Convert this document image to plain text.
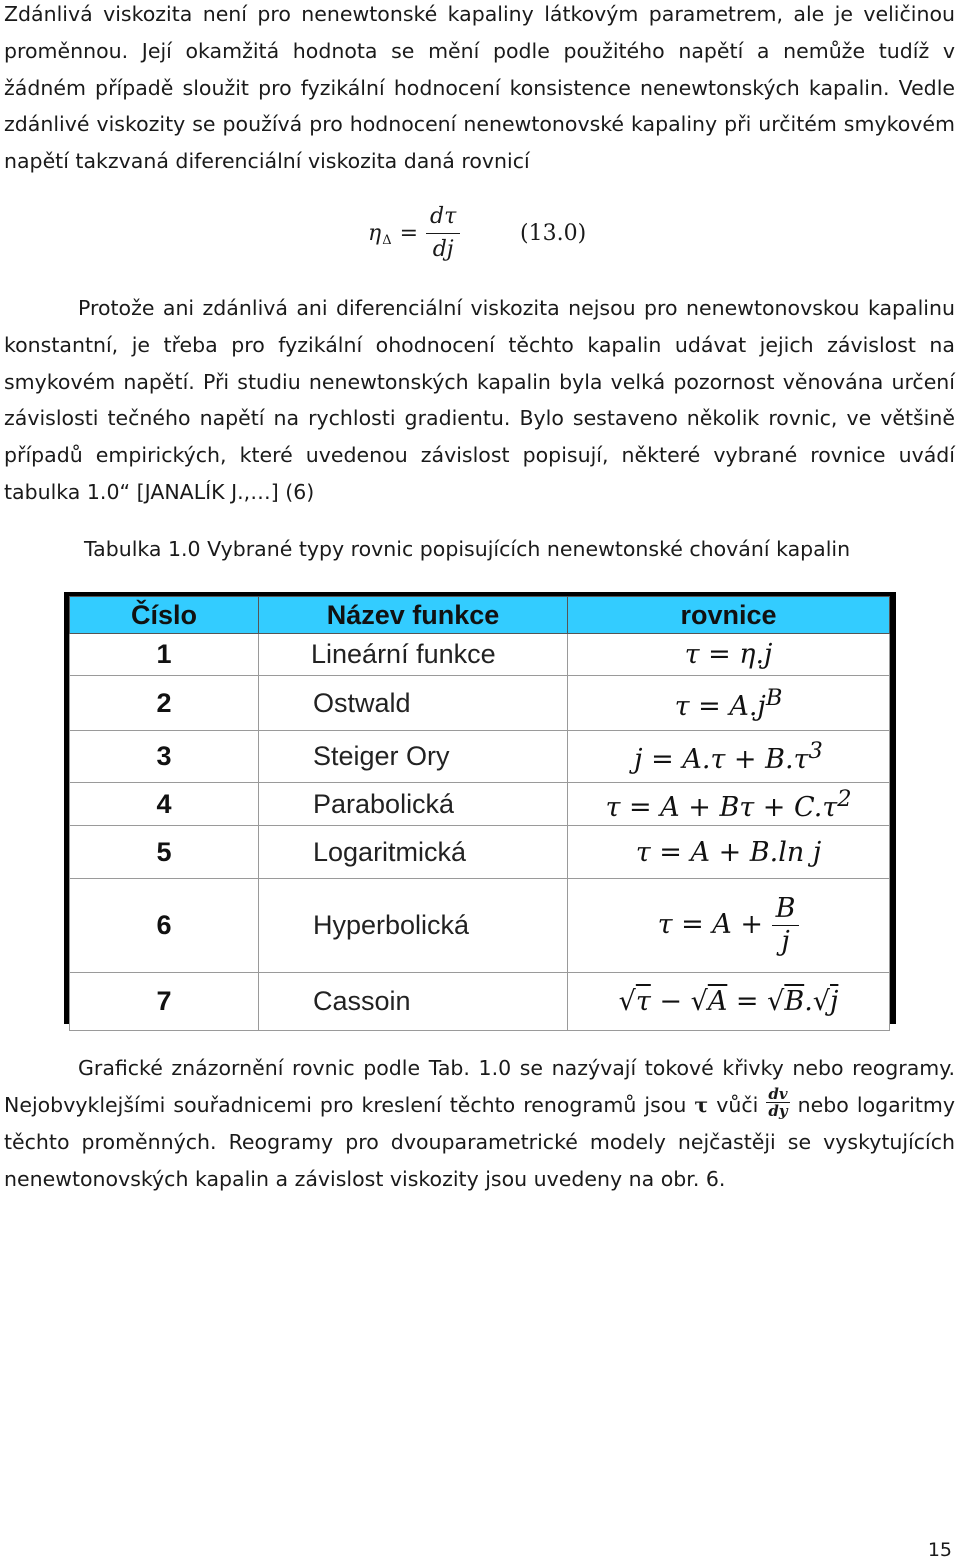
Zdánlivá viskozita není pro nenewtonské kapaliny látkovým parametrem, ale je veličinou proměnnou. Její okamžitá hodnota se mění podle použitého napětí a nemůže tudíž v žádném případě sloužit pro fyzikální hodnocení konsistence nenewtonských kapalin. Vedle zdánlivé viskozity se používá pro hodnocení nenewtonovské kapaliny při určitém smykovém napětí takzvaná diferenciální viskozita daná rovnicí

η $\Delta = \frac{d\tau}{dj}$	(13.0)

Protože ani zdánlivá ani diferenciální viskozita nejsou pro nenewtonovskou kapalinu konstantní, je třeba pro fyzikální ohodnocení těchto kapalin udávat jejich závislost na smykovém napětí. Při studiu nenewtonských kapalin byla velká pozornost věnována určení závislosti tečného napětí na rychlosti gradientu. Bylo sestaveno několik rovnic, ve většině případů empirických, které uvedenou závislost popisují, některé vybrané rovnice uvádí tabulka 1.0“ [JANALÍK J.,…] (6)

Tabulka 1.0 Vybrané typy rovnic popisujících nenewtonské chování kapalin
Číslo	Název funkce	rovnice
1	Lineární funkce	τ = η.j
2	Ostwald	$\tau = A.j^B$
3	Steiger Ory	$j = A.\tau + B.\tau^3$
4	Parabolická	$\tau = A + B\tau + C.\tau^2$
5	Logaritmická	τ = A + B.ln j
6	Hyperbolická	$\tau = A + \frac{B}{j}$

7	Cassoin	√τ − √A = √B.√j

Grafické znázornění rovnic podle Tab. 1.0 se nazývají tokové křivky nebo reogramy. Nejobvyklejšími souřadnicemi pro kreslení těchto renogramů jsou τ vůči $\frac{dv}{dy}$ nebo logaritmy těchto proměnných. Reogramy pro dvouparametrické modely nejčastěji se vyskytujících nenewtonovských kapalin a závislost viskozity jsou uvedeny na obr. 6.

15
